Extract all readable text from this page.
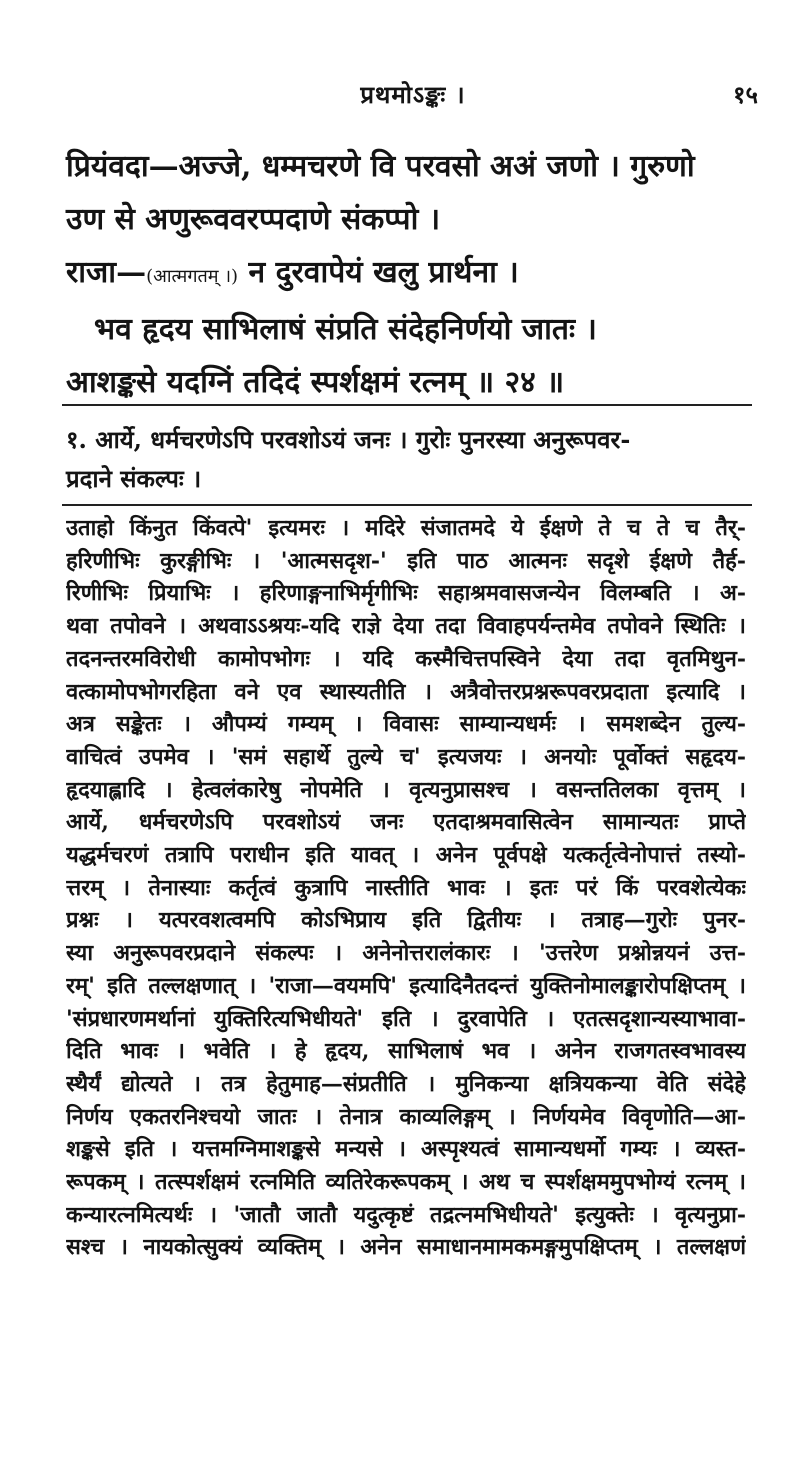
प्रथमोऽङ्कः ।	१५

प्रियंवदा—अज्जे, धम्मचरणे वि परवसो अअं जणो । गुरुणो

उण से अणुरूववरप्पदाणे संकप्पो ।

राजा—(आत्मगतम् ।) न दुरवापेयं खलु प्रार्थना ।

भव हृदय साभिलाषं संप्रति संदेहनिर्णयो जातः ।

आशङ्कसे यदग्निं तदिदं स्पर्शक्षमं रत्नम् ॥ २४ ॥

१. आर्ये, धर्मचरणेऽपि परवशोऽयं जनः । गुरोः पुनरस्या अनुरूपवर-

प्रदाने संकल्पः ।

उताहो किंनुत किंवत्पे' इत्यमरः । मदिरे संजातमदे ये ईक्षणे ते च ते च तैर्-

हरिणीभिः कुरङ्गीभिः । 'आत्मसदृश-' इति पाठ आत्मनः सदृशे ईक्षणे तैर्ह-

रिणीभिः प्रियाभिः । हरिणाङ्गनाभिर्मृगीभिः सहाश्रमवासजन्येन विलम्बति । अ-

थवा तपोवने । अथवाऽऽश्रयः-यदि राज्ञे देया तदा विवाहपर्यन्तमेव तपोवने स्थितिः ।

तदनन्तरमविरोधी कामोपभोगः । यदि कस्मैचित्तपस्विने देया तदा वृतमिथुन-

वत्कामोपभोगरहिता वने एव स्थास्यतीति । अत्रैवोत्तरप्रश्नरूपवरप्रदाता इत्यादि ।

अत्र सङ्केतः । औपम्यं गम्यम् । विवासः साम्यान्यधर्मः । समशब्देन तुल्य-

वाचित्वं उपमेव । 'समं सहार्थे तुल्ये च' इत्यजयः । अनयोः पूर्वोक्तं सहृदय-

हृदयाह्लादि । हेत्वलंकारेषु नोपमेति । वृत्यनुप्रासश्च । वसन्ततिलका वृत्तम् ।

आर्ये, धर्मचरणेऽपि परवशोऽयं जनः एतदाश्रमवासित्वेन सामान्यतः प्राप्ते

यद्धर्मचरणं तत्रापि पराधीन इति यावत् । अनेन पूर्वपक्षे यत्कर्तृत्वेनोपात्तं तस्यो-

त्तरम् । तेनास्याः कर्तृत्वं कुत्रापि नास्तीति भावः । इतः परं किं परवशेत्येकः

प्रश्नः । यत्परवशत्वमपि कोऽभिप्राय इति द्वितीयः । तत्राह—गुरोः पुनर-

स्या अनुरूपवरप्रदाने संकल्पः । अनेनोत्तरालंकारः । 'उत्तरेण प्रश्नोन्नयनं उत्त-

रम्' इति तल्लक्षणात् । 'राजा—वयमपि' इत्यादिनैतदन्तं युक्तिनोमालङ्कारोपक्षिप्तम् ।

'संप्रधारणमर्थानां युक्तिरित्यभिधीयते' इति । दुरवापेति । एतत्सदृशान्यस्याभावा-

दिति भावः । भवेति । हे हृदय, साभिलाषं भव । अनेन राजगतस्वभावस्य

स्थैर्यं द्योत्यते । तत्र हेतुमाह—संप्रतीति । मुनिकन्या क्षत्रियकन्या वेति संदेहे

निर्णय एकतरनिश्चयो जातः । तेनात्र काव्यलिङ्गम् । निर्णयमेव विवृणोति—आ-

शङ्कसे इति । यत्तमग्निमाशङ्कसे मन्यसे । अस्पृश्यत्वं सामान्यधर्मो गम्यः । व्यस्त-

रूपकम् । तत्स्पर्शक्षमं रत्नमिति व्यतिरेकरूपकम् । अथ च स्पर्शक्षममुपभोग्यं रत्नम् ।

कन्यारत्नमित्यर्थः । 'जातौ जातौ यदुत्कृष्टं तद्रत्नमभिधीयते' इत्युक्तेः । वृत्यनुप्रा-

सश्च । नायकोत्सुक्यं व्यक्तिम् । अनेन समाधानमामकमङ्गमुपक्षिप्तम् । तल्लक्षणं
